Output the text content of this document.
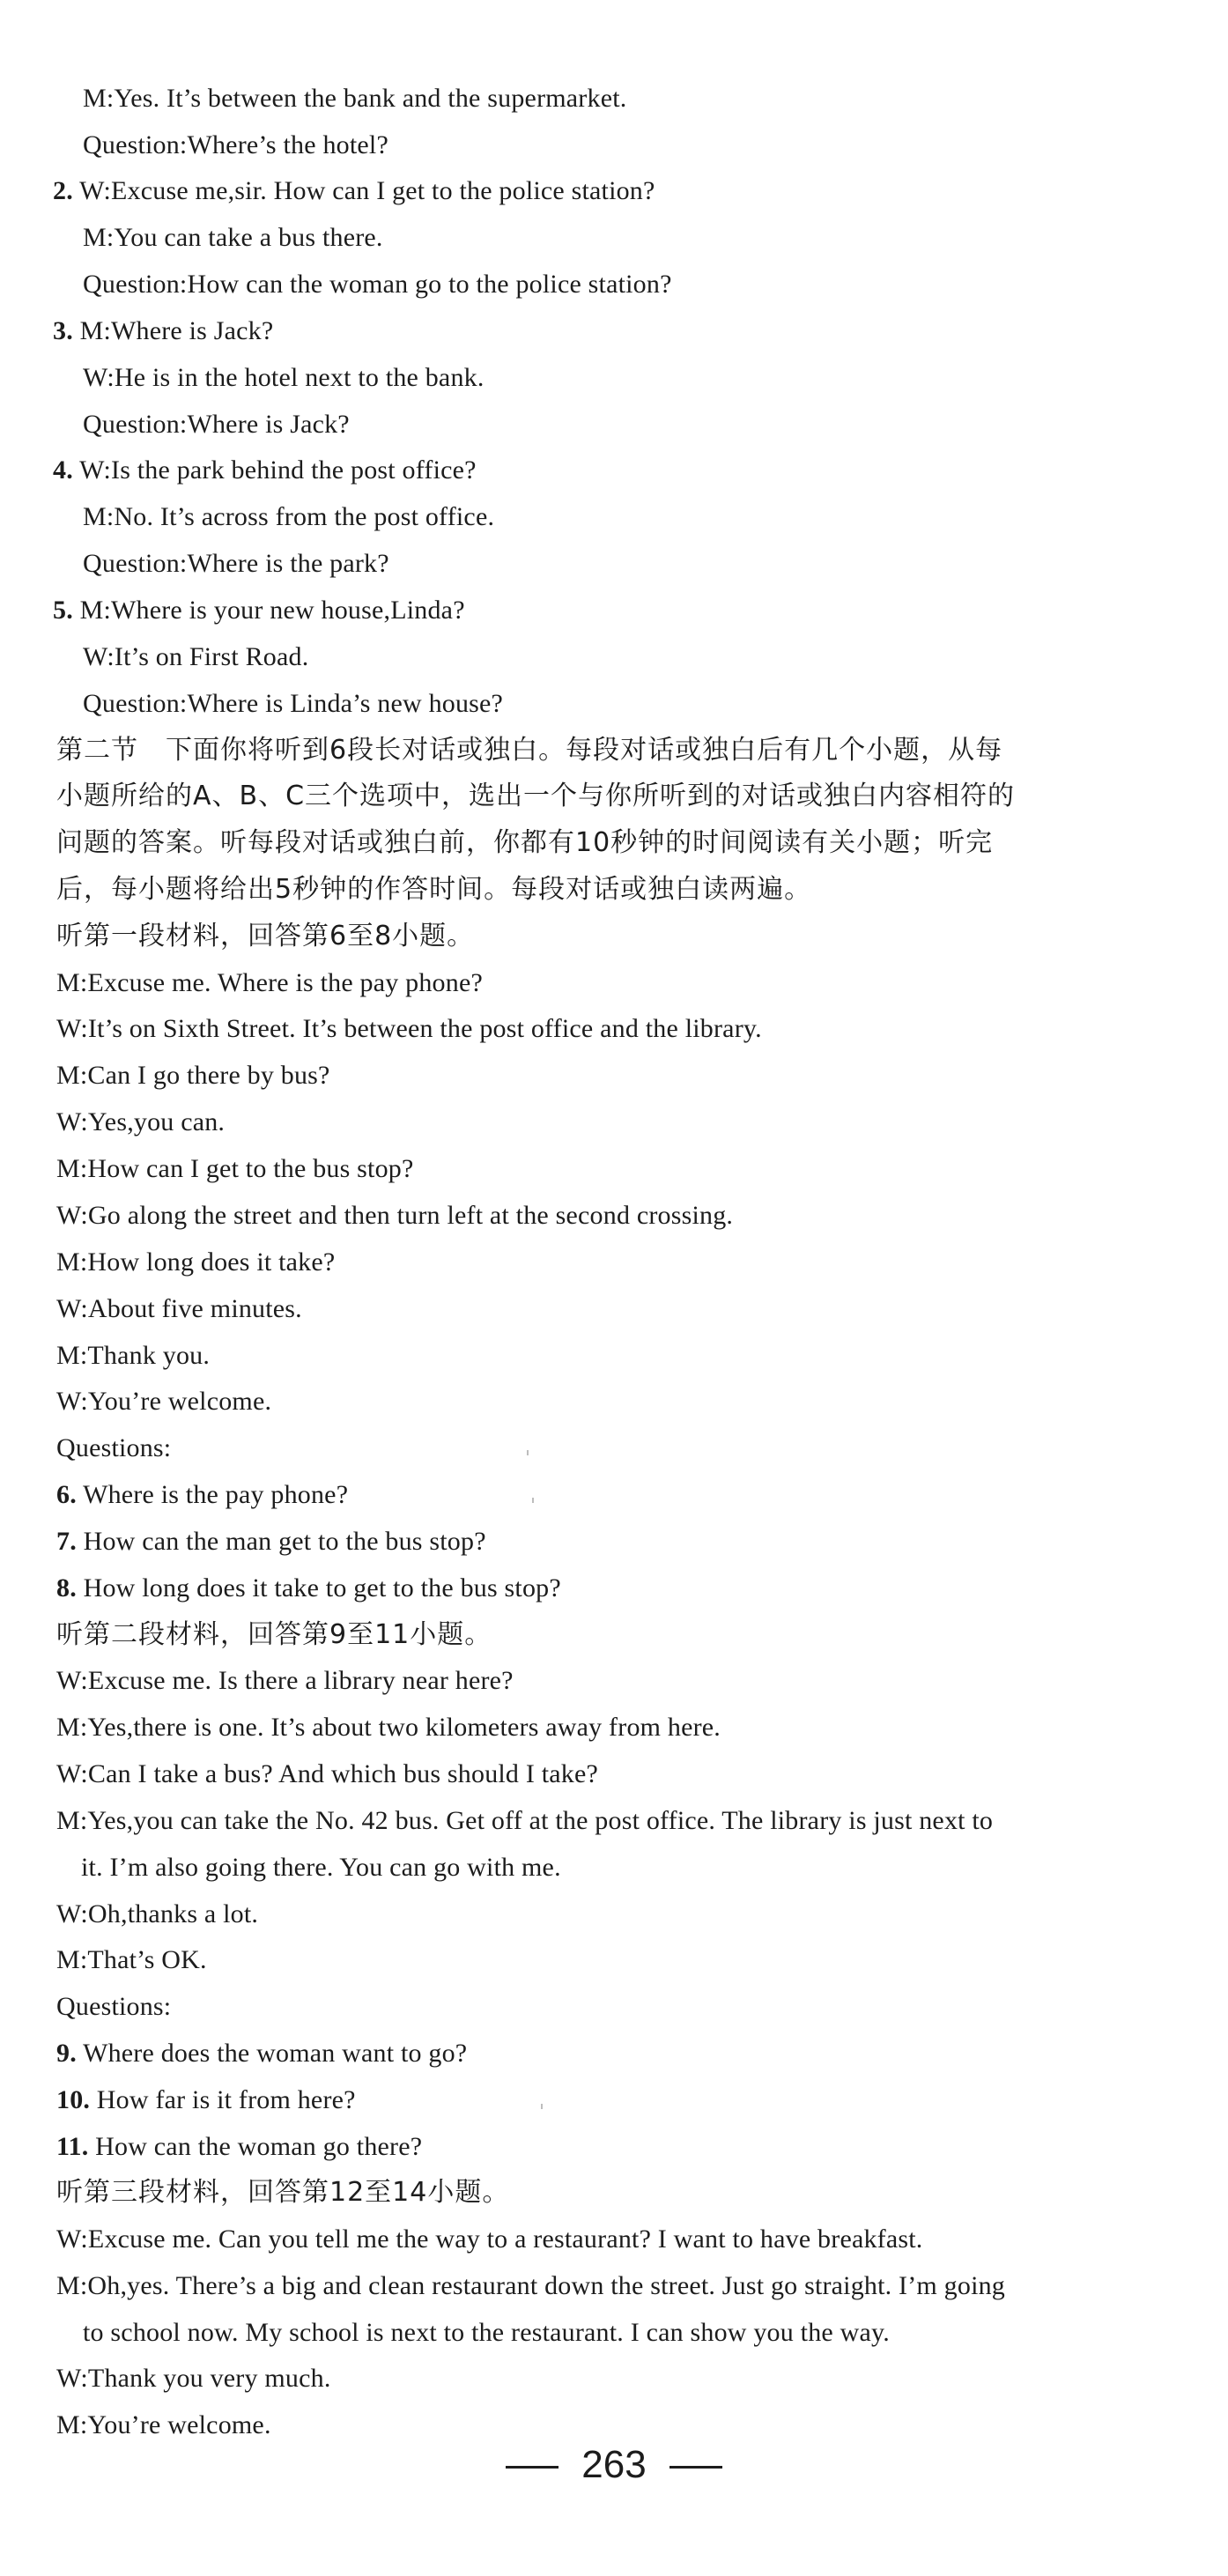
M:Yes. It’s between the bank and the supermarket.
Question:Where’s the hotel?
2. W:Excuse me,sir. How can I get to the police station?
M:You can take a bus there.
Question:How can the woman go to the police station?
3. M:Where is Jack?
W:He is in the hotel next to the bank.
Question:Where is Jack?
4. W:Is the park behind the post office?
M:No. It’s across from the post office.
Question:Where is the park?
5. M:Where is your new house,Linda?
W:It’s on First Road.
Question:Where is Linda’s new house?
第二节　下面你将听到6段长对话或独白。每段对话或独白后有几个小题，从每
小题所给的A、B、C三个选项中，选出一个与你所听到的对话或独白内容相符的
问题的答案。听每段对话或独白前，你都有10秒钟的时间阅读有关小题；听完
后，每小题将给出5秒钟的作答时间。每段对话或独白读两遍。
听第一段材料，回答第6至8小题。
M:Excuse me. Where is the pay phone?
W:It’s on Sixth Street. It’s between the post office and the library.
M:Can I go there by bus?
W:Yes,you can.
M:How can I get to the bus stop?
W:Go along the street and then turn left at the second crossing.
M:How long does it take?
W:About five minutes.
M:Thank you.
W:You’re welcome.
Questions:
6. Where is the pay phone?
7. How can the man get to the bus stop?
8. How long does it take to get to the bus stop?
听第二段材料，回答第9至11小题。
W:Excuse me. Is there a library near here?
M:Yes,there is one. It’s about two kilometers away from here.
W:Can I take a bus? And which bus should I take?
M:Yes,you can take the No. 42 bus. Get off at the post office. The library is just next to
it. I’m also going there. You can go with me.
W:Oh,thanks a lot.
M:That’s OK.
Questions:
9. Where does the woman want to go?
10. How far is it from here?
11. How can the woman go there?
听第三段材料，回答第12至14小题。
W:Excuse me. Can you tell me the way to a restaurant? I want to have breakfast.
M:Oh,yes. There’s a big and clean restaurant down the street. Just go straight. I’m going
to school now. My school is next to the restaurant. I can show you the way.
W:Thank you very much.
M:You’re welcome.
263
